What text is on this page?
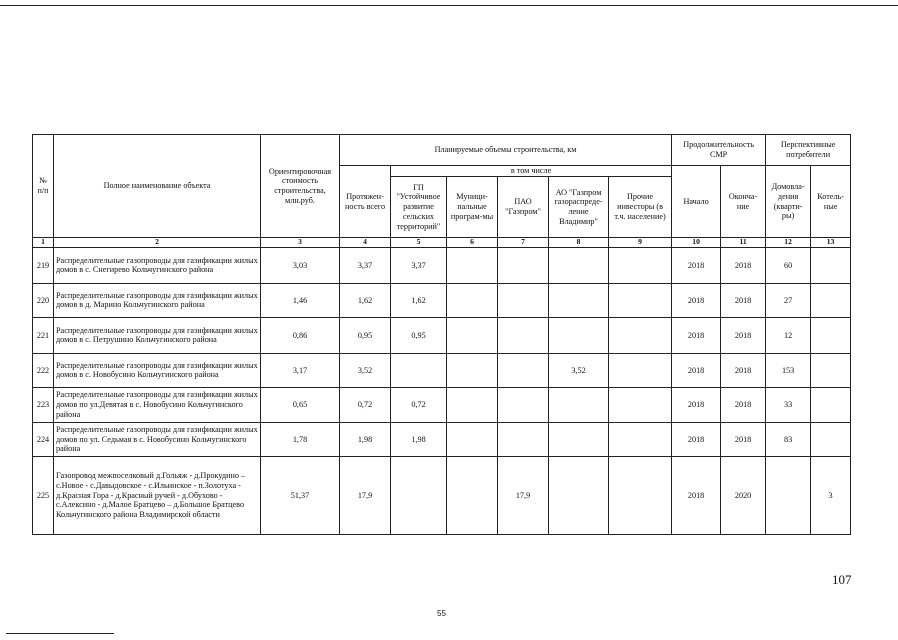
№ п/п	Полное наименование объекта	Ориентировочная стоимость строительства, млн.руб.	Планируемые объемы строительства, км						Продолжительность СМР		Перспективные потребители	
			Протяжен-ность всего	в том числе					Начало	Оконча-ние	Домовла-дения (кварти-ры)	Котель-ные
				ГП "Устойчивое развитие сельских территорий"	Муници-пальные програм-мы	ПАО "Газпром"	АО "Газпром газораспреде-ление Владимир"	Прочие инвесторы (в т.ч. население)				
1	2	3	4	5	6	7	8	9	10	11	12	13
219	Распределительные газопроводы для газификации жилых домов в с. Снегирево Кольчугинского района	3,03	3,37	3,37					2018	2018	60	
220	Распределительные газопроводы для газификации жилых домов в д. Марино Кольчугинского района	1,46	1,62	1,62					2018	2018	27	
221	Распределительные газопроводы для газификации жилых домов в с. Петрушино Кольчугинского района	0,86	0,95	0,95					2018	2018	12	
222	Распределительные газопроводы для газификации жилых домов в с. Новобусино Кольчугинского района	3,17	3,52				3,52		2018	2018	153	
223	Распределительные газопроводы для газификации жилых домов по ул.Девятая в с. Новобусино Кольчугинского района	0,65	0,72	0,72					2018	2018	33	
224	Распределительные газопроводы для газификации жилых домов по ул. Седьмая в с. Новобусино Кольчугинского района	1,78	1,98	1,98					2018	2018	83	
225	Газопровод межпоселковый д.Гольяж - д.Прокудино – с.Новое - с.Давыдовское - с.Ильинское - п.Золотуха - д.Красная Гора - д.Красный ручей - д.Обухово - с.Алексино - д.Малое Братцево – д.Большое Братцево Кольчугинского района Владимирской области	51,37	17,9			17,9			2018	2020		3
107
55
